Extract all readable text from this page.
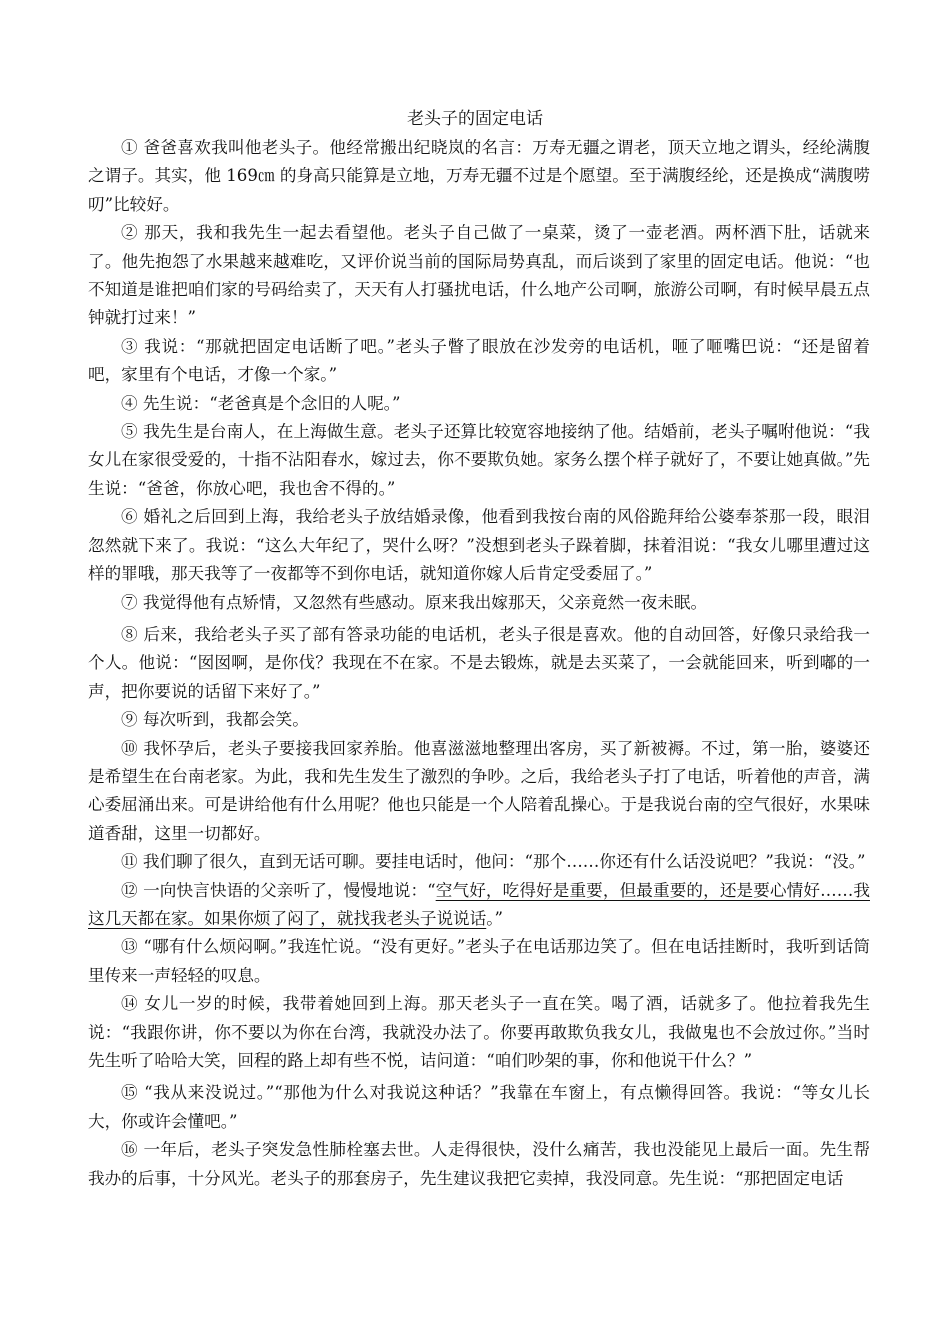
老头子的固定电话

① 爸爸喜欢我叫他老头子。他经常搬出纪晓岚的名言：万寿无疆之谓老，顶天立地之谓头，经纶满腹之谓子。其实，他 169㎝ 的身高只能算是立地，万寿无疆不过是个愿望。至于满腹经纶，还是换成“满腹唠叨”比较好。

② 那天，我和我先生一起去看望他。老头子自己做了一桌菜，烫了一壶老酒。两杯酒下肚，话就来了。他先抱怨了水果越来越难吃，又评价说当前的国际局势真乱，而后谈到了家里的固定电话。他说：“也不知道是谁把咱们家的号码给卖了，天天有人打骚扰电话，什么地产公司啊，旅游公司啊，有时候早晨五点钟就打过来！”

③ 我说：“那就把固定电话断了吧。”老头子瞥了眼放在沙发旁的电话机，咂了咂嘴巴说：“还是留着吧，家里有个电话，才像一个家。”

④ 先生说：“老爸真是个念旧的人呢。”

⑤ 我先生是台南人，在上海做生意。老头子还算比较宽容地接纳了他。结婚前，老头子嘱咐他说：“我女儿在家很受爱的，十指不沾阳春水，嫁过去，你不要欺负她。家务么摆个样子就好了，不要让她真做。”先生说：“爸爸，你放心吧，我也舍不得的。”

⑥ 婚礼之后回到上海，我给老头子放结婚录像，他看到我按台南的风俗跪拜给公婆奉茶那一段，眼泪忽然就下来了。我说：“这么大年纪了，哭什么呀？”没想到老头子跺着脚，抹着泪说：“我女儿哪里遭过这样的罪哦，那天我等了一夜都等不到你电话，就知道你嫁人后肯定受委屈了。”

⑦ 我觉得他有点矫情，又忽然有些感动。原来我出嫁那天，父亲竟然一夜未眠。

⑧ 后来，我给老头子买了部有答录功能的电话机，老头子很是喜欢。他的自动回答，好像只录给我一个人。他说：“囡囡啊，是你伐？我现在不在家。不是去锻炼，就是去买菜了，一会就能回来，听到嘟的一声，把你要说的话留下来好了。”

⑨ 每次听到，我都会笑。

⑩ 我怀孕后，老头子要接我回家养胎。他喜滋滋地整理出客房，买了新被褥。不过，第一胎，婆婆还是希望生在台南老家。为此，我和先生发生了激烈的争吵。之后，我给老头子打了电话，听着他的声音，满心委屈涌出来。可是讲给他有什么用呢？他也只能是一个人陪着乱操心。于是我说台南的空气很好，水果味道香甜，这里一切都好。

⑪ 我们聊了很久，直到无话可聊。要挂电话时，他问：“那个……你还有什么话没说吧？”我说：“没。”

⑫ 一向快言快语的父亲听了，慢慢地说：“空气好，吃得好是重要，但最重要的，还是要心情好……我这几天都在家。如果你烦了闷了，就找我老头子说说话。”

⑬ “哪有什么烦闷啊。”我连忙说。“没有更好。”老头子在电话那边笑了。但在电话挂断时，我听到话筒里传来一声轻轻的叹息。

⑭ 女儿一岁的时候，我带着她回到上海。那天老头子一直在笑。喝了酒，话就多了。他拉着我先生说：“我跟你讲，你不要以为你在台湾，我就没办法了。你要再敢欺负我女儿，我做鬼也不会放过你。”当时先生听了哈哈大笑，回程的路上却有些不悦，诘问道：“咱们吵架的事，你和他说干什么？”

⑮ “我从来没说过。”“那他为什么对我说这种话？”我靠在车窗上，有点懒得回答。我说：“等女儿长大，你或许会懂吧。”

⑯ 一年后，老头子突发急性肺栓塞去世。人走得很快，没什么痛苦，我也没能见上最后一面。先生帮我办的后事，十分风光。老头子的那套房子，先生建议我把它卖掉，我没同意。先生说：“那把固定电话
